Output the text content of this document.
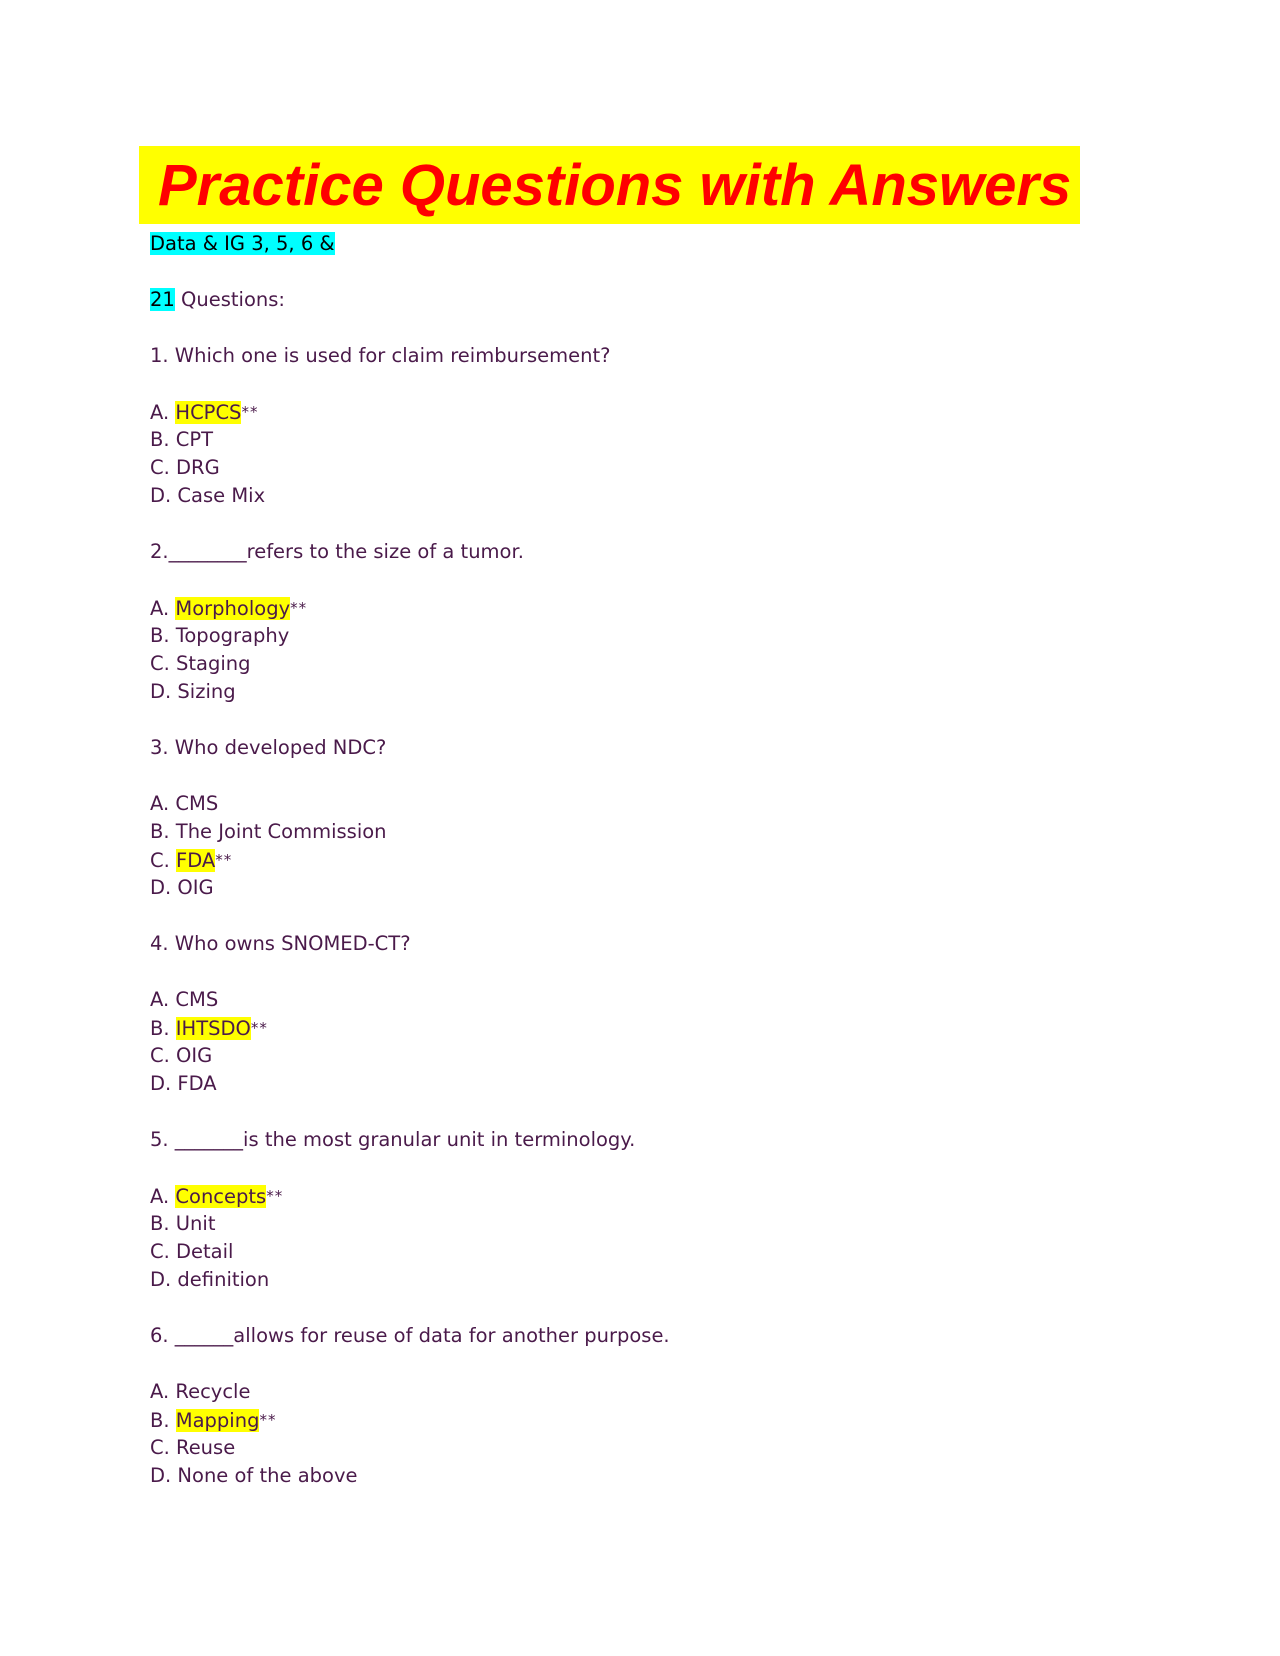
Practice Questions with Answers
Data & IG 3, 5, 6 &
21 Questions:
1. Which one is used for claim reimbursement?
A. HCPCS**
B. CPT
C. DRG
D. Case Mix
2.________refers to the size of a tumor.
A. Morphology**
B. Topography
C. Staging
D. Sizing
3. Who developed NDC?
A. CMS
B. The Joint Commission
C. FDA**
D. OIG
4. Who owns SNOMED-CT?
A. CMS
B. IHTSDO**
C. OIG
D. FDA
5. _______is the most granular unit in terminology.
A. Concepts**
B. Unit
C. Detail
D. definition
6. ______allows for reuse of data for another purpose.
A. Recycle
B. Mapping**
C. Reuse
D. None of the above
